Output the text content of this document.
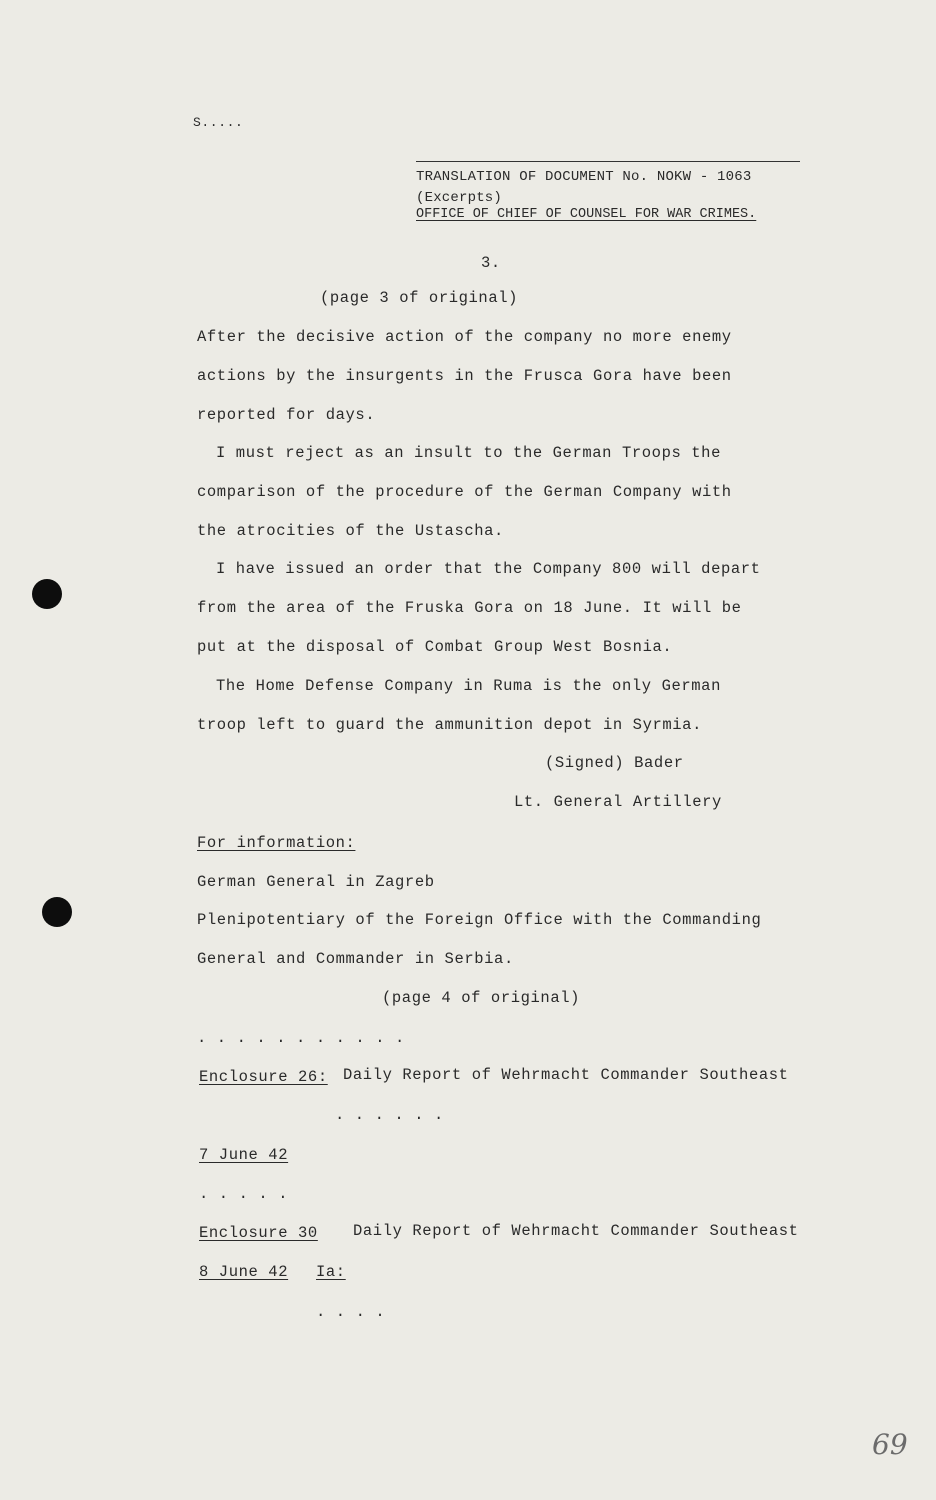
S.....
TRANSLATION OF DOCUMENT No. NOKW - 1063
(Excerpts)
OFFICE OF CHIEF OF COUNSEL FOR WAR CRIMES.
3.
(page 3 of original)
After the decisive action of the company no more enemy
actions by the insurgents in the Frusca Gora have been
reported for days.
I must reject as an insult to the German Troops the
comparison of the procedure of the German Company with
the atrocities of the Ustascha.
I have issued an order that the Company 800 will depart
from the area of the Fruska Gora on 18 June. It will be
put at the disposal of Combat Group West Bosnia.
The Home Defense Company in Ruma is the only German
troop left to guard the ammunition depot in Syrmia.
(Signed) Bader
Lt. General Artillery
For information:
German General in Zagreb
Plenipotentiary of the Foreign Office with the Commanding
General and Commander in Serbia.
(page 4 of original)
. . . . . . . . . . .
Enclosure 26: Daily Report of Wehrmacht Commander Southeast
. . . . . .
7 June 42
. . . . .
Enclosure 30 Daily Report of Wehrmacht Commander Southeast
8 June 42 Ia:
. . . .
69
